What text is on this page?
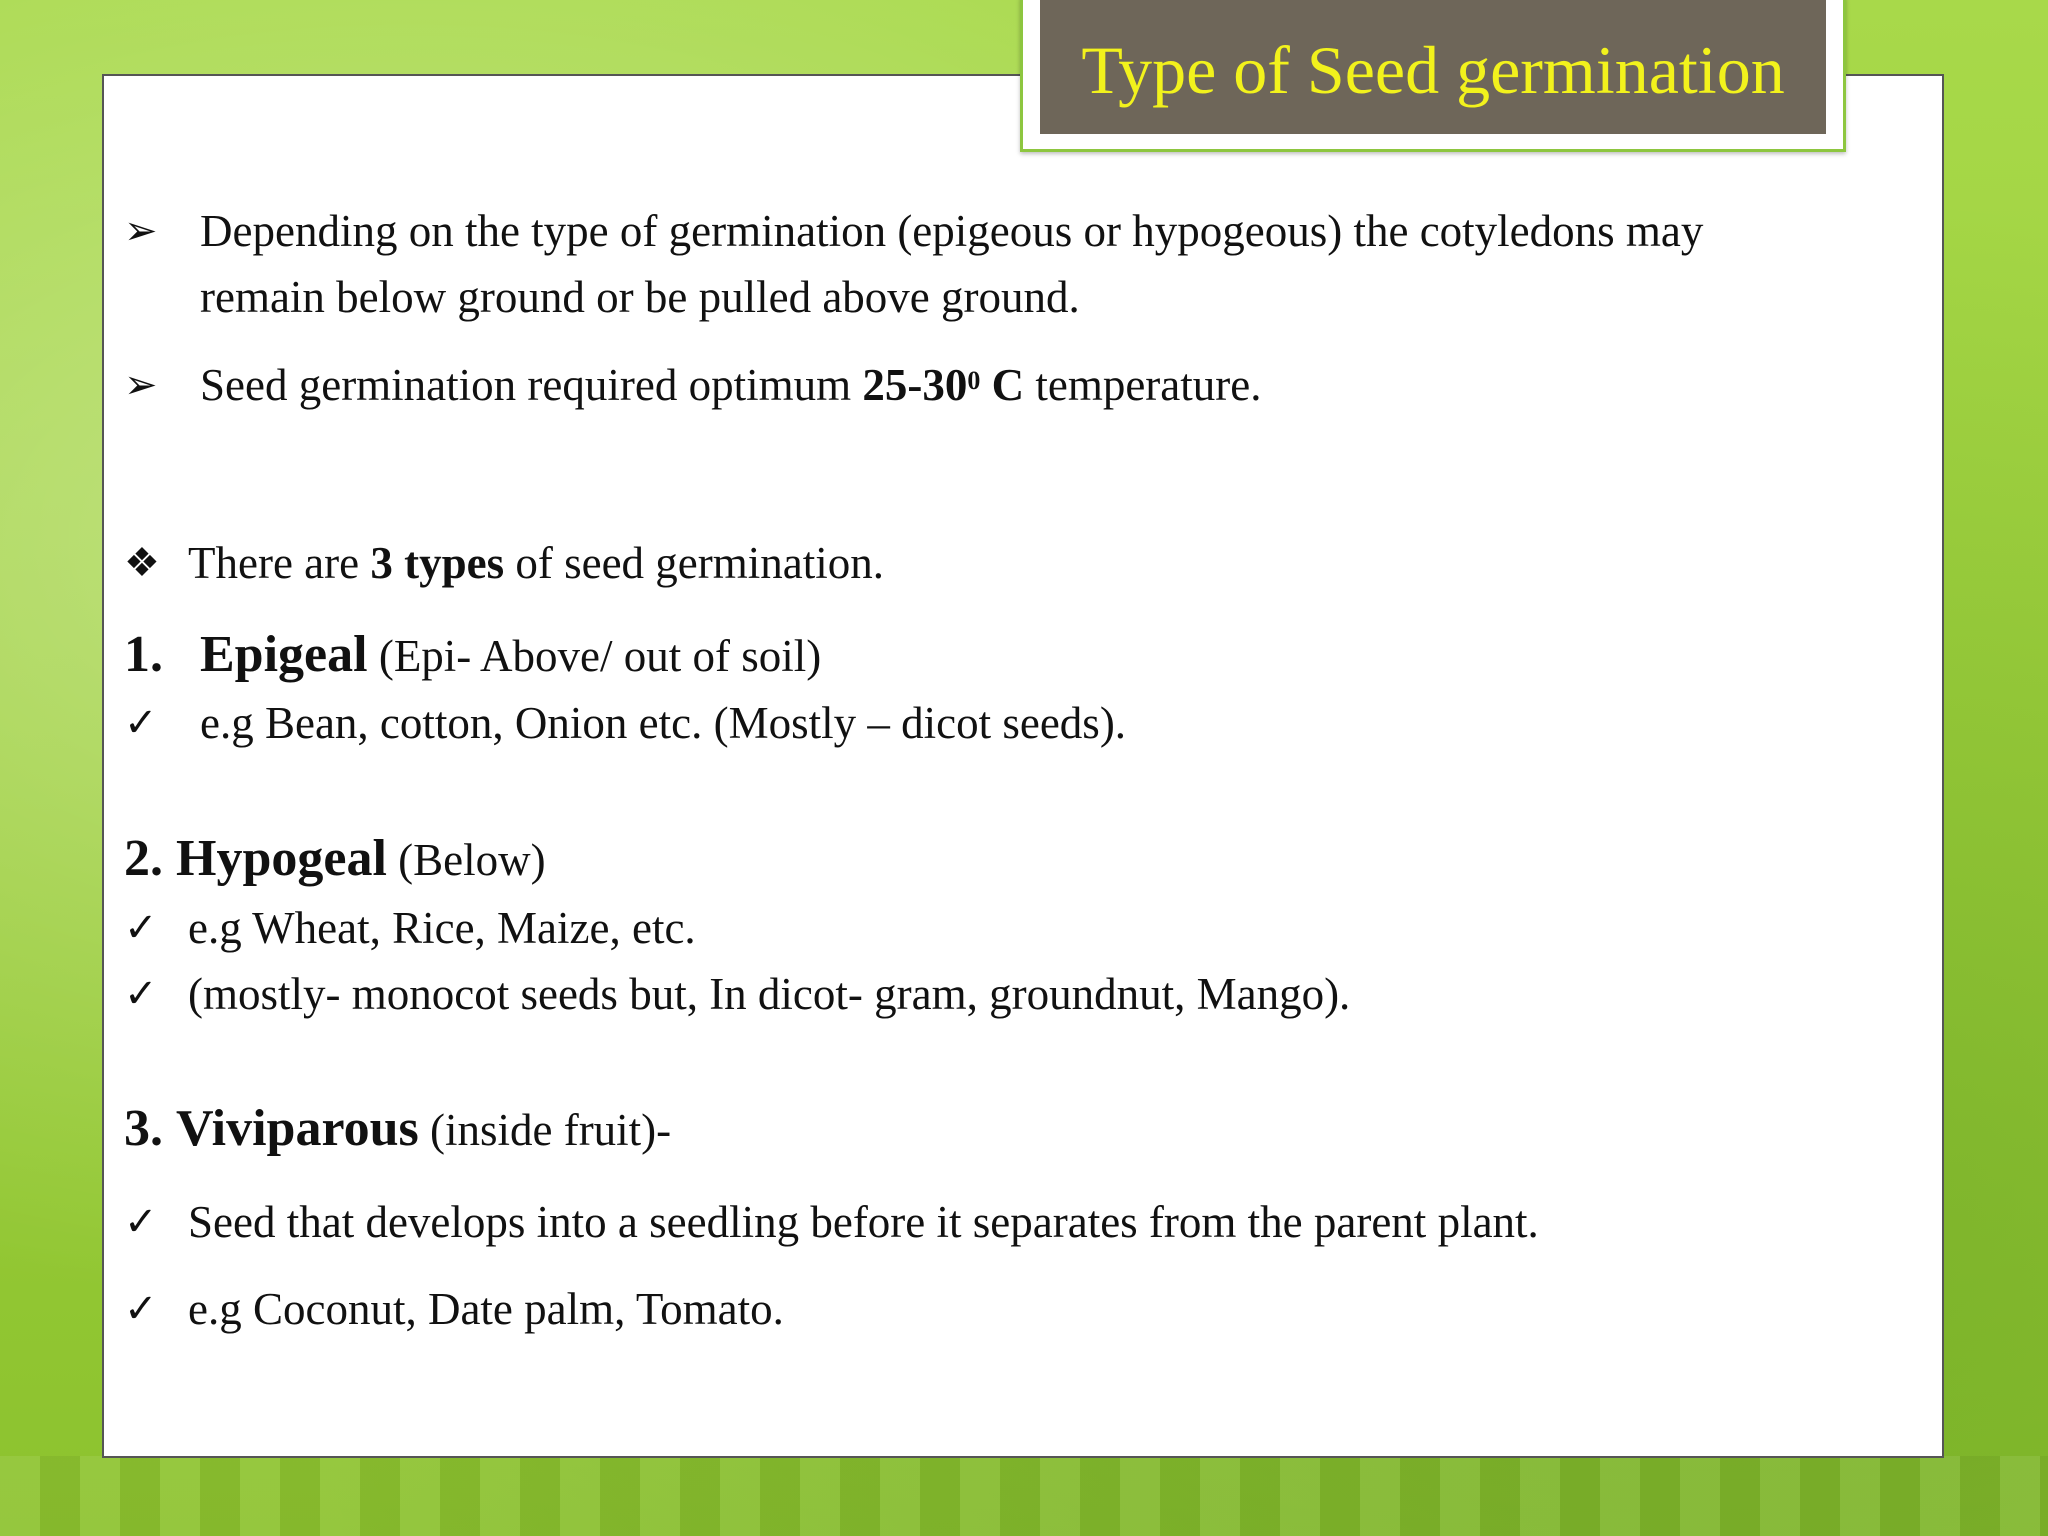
Type of Seed germination
➢ Depending on the type of germination (epigeous or hypogeous) the cotyledons may
remain below ground or be pulled above ground.
➢ Seed germination required optimum $25-30^0$ C temperature.
❖ There are 3 types of seed germination.
1. Epigeal (Epi- Above/ out of soil)
✓ e.g Bean, cotton, Onion etc. (Mostly – dicot seeds).
2. Hypogeal (Below)
✓ e.g Wheat, Rice, Maize, etc.
✓ (mostly- monocot seeds but, In dicot- gram, groundnut, Mango).
3. Viviparous (inside fruit)-
✓ Seed that develops into a seedling before it separates from the parent plant.
✓ e.g Coconut, Date palm, Tomato.
